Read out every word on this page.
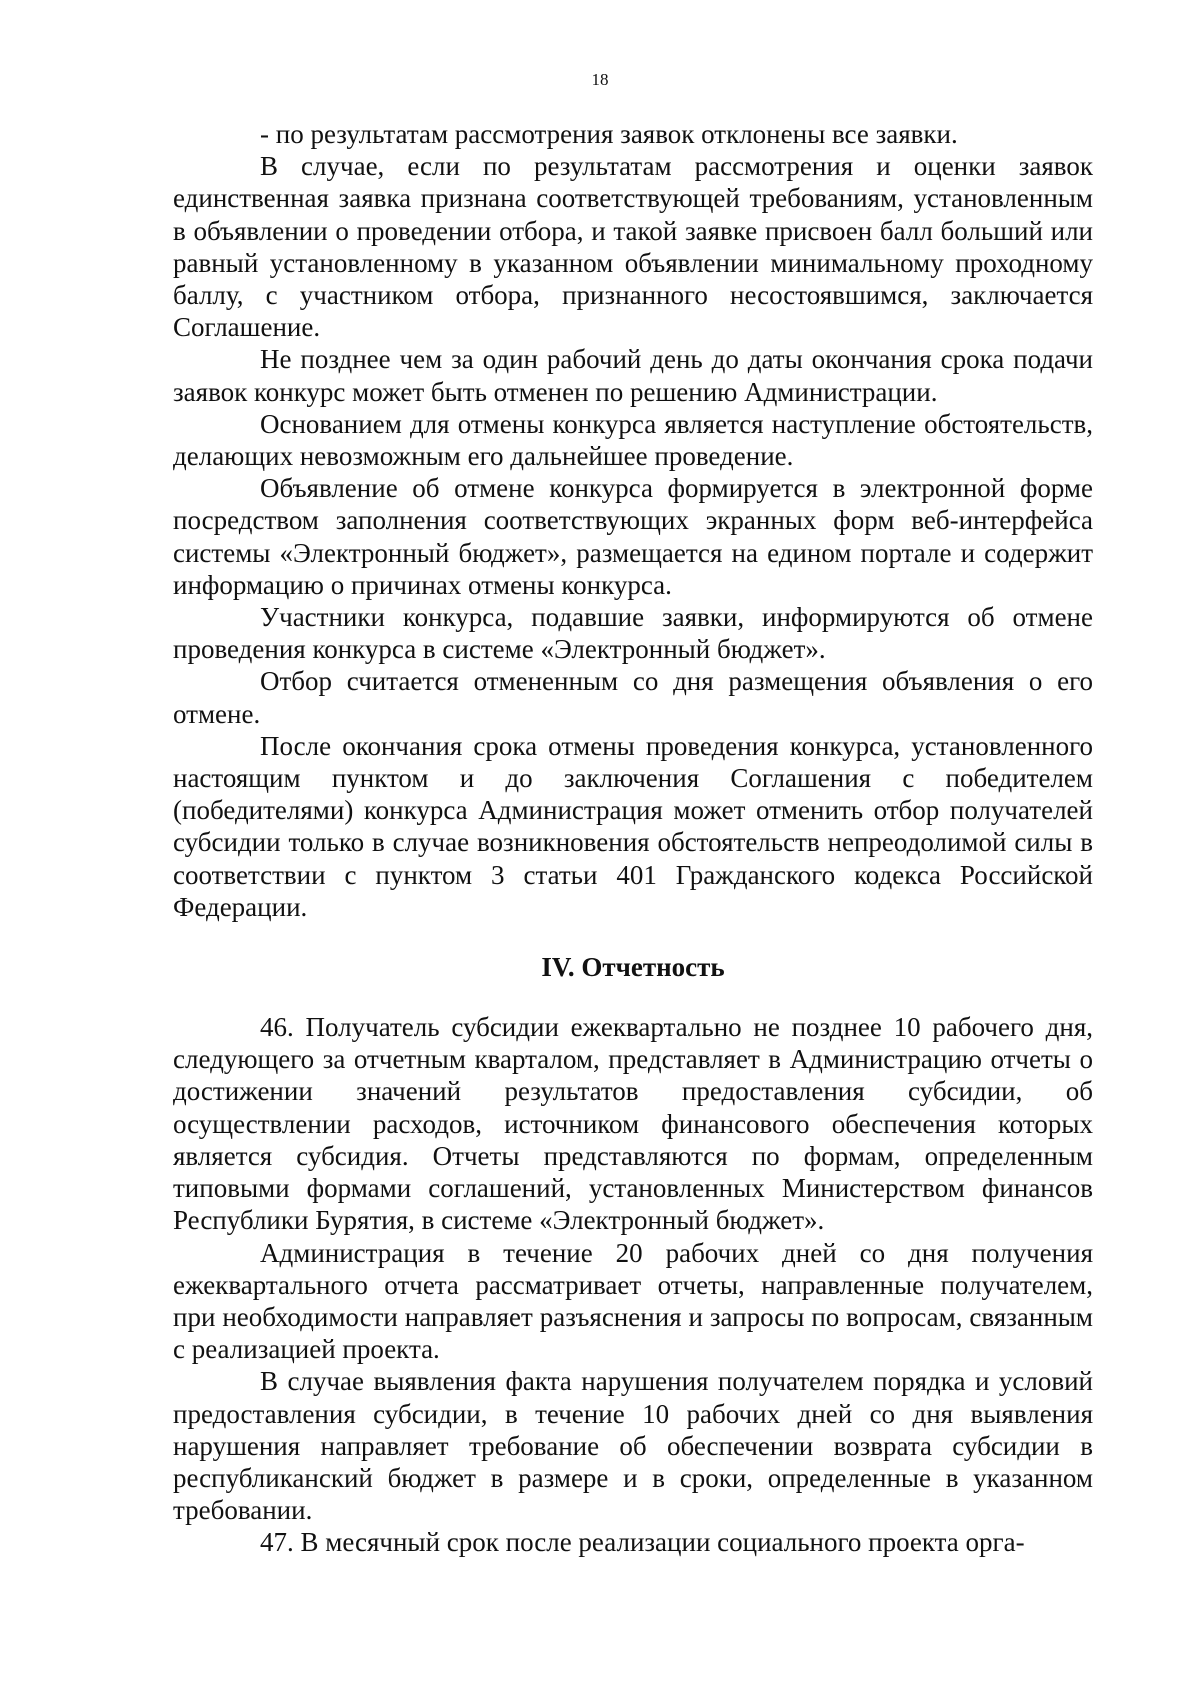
18

- по результатам рассмотрения заявок отклонены все заявки.

В случае, если по результатам рассмотрения и оценки заявок единственная заявка признана соответствующей требованиям, установленным в объявлении о проведении отбора, и такой заявке присвоен балл больший или равный установленному в указанном объявлении минимальному проходному баллу, с участником отбора, признанного несостоявшимся, заключается Соглашение.

Не позднее чем за один рабочий день до даты окончания срока подачи заявок конкурс может быть отменен по решению Администрации.

Основанием для отмены конкурса является наступление обстоятельств, делающих невозможным его дальнейшее проведение.

Объявление об отмене конкурса формируется в электронной форме посредством заполнения соответствующих экранных форм веб-интерфейса системы «Электронный бюджет», размещается на едином портале и содержит информацию о причинах отмены конкурса.

Участники конкурса, подавшие заявки, информируются об отмене проведения конкурса в системе «Электронный бюджет».

Отбор считается отмененным со дня размещения объявления о его отмене.

После окончания срока отмены проведения конкурса, установленного настоящим пунктом и до заключения Соглашения с победителем (победителями) конкурса Администрация может отменить отбор получателей субсидии только в случае возникновения обстоятельств непреодолимой силы в соответствии с пунктом 3 статьи 401 Гражданского кодекса Российской Федерации.

IV. Отчетность

46. Получатель субсидии ежеквартально не позднее 10 рабочего дня, следующего за отчетным кварталом, представляет в Администрацию отчеты о достижении значений результатов предоставления субсидии, об осуществлении расходов, источником финансового обеспечения которых является субсидия. Отчеты представляются по формам, определенным типовыми формами соглашений, установленных Министерством финансов Республики Бурятия, в системе «Электронный бюджет».

Администрация в течение 20 рабочих дней со дня получения ежеквартального отчета рассматривает отчеты, направленные получателем, при необходимости направляет разъяснения и запросы по вопросам, связанным с реализацией проекта.

В случае выявления факта нарушения получателем порядка и условий предоставления субсидии, в течение 10 рабочих дней со дня выявления нарушения направляет требование об обеспечении возврата субсидии в республиканский бюджет в размере и в сроки, определенные в указанном требовании.

47. В месячный срок после реализации социального проекта орга-
